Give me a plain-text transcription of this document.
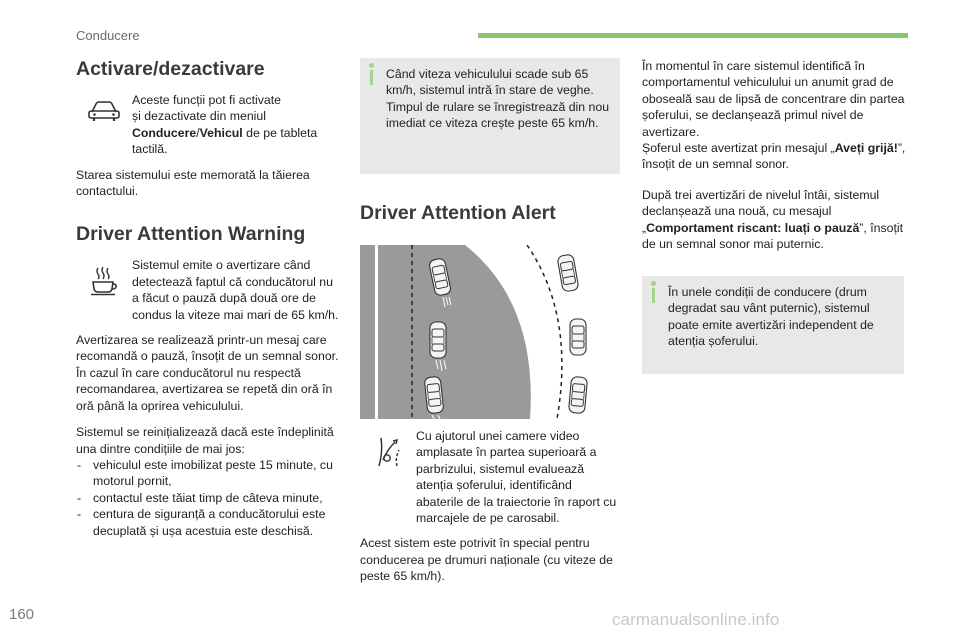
Conducere
Activare/dezactivare

Aceste funcții pot fi activate

și dezactivate din meniul

Conducere/Vehicul de pe tableta

tactilă.

Starea sistemului este memorată la tăierea contactului.

Driver Attention Warning
Sistemul emite o avertizare când detectează faptul că conducătorul nu a făcut o pauză după două ore de condus la viteze mai mari de 65 km/h.

Avertizarea se realizează printr-un mesaj care recomandă o pauză, însoțit de un semnal sonor.

În cazul în care conducătorul nu respectă recomandarea, avertizarea se repetă din oră în oră până la oprirea vehiculului.

Sistemul se reinițializează dacă este îndeplinită una dintre condițiile de mai jos:

- vehiculul este imobilizat peste 15 minute, cu motorul pornit,
- contactul este tăiat timp de câteva minute,
- centura de siguranță a conducătorului este decuplată și ușa acestuia este deschisă.
Când viteza vehiculului scade sub 65 km/h, sistemul intră în stare de veghe. Timpul de rulare se înregistrează din nou imediat ce viteza crește peste 65 km/h.
Driver Attention Alert
Cu ajutorul unei camere video amplasate în partea superioară a parbrizului, sistemul evaluează atenția șoferului, identificând abaterile de la traiectorie în raport cu marcajele de pe carosabil.

Acest sistem este potrivit în special pentru conducerea pe drumuri naționale (cu viteze de peste 65 km/h).

În momentul în care sistemul identifică în comportamentul vehiculului un anumit grad de oboseală sau de lipsă de concentrare din partea șoferului, se declanșează primul nivel de avertizare.

Șoferul este avertizat prin mesajul „Aveți grijă!”, însoțit de un semnal sonor.

După trei avertizări de nivelul întâi, sistemul declanșează una nouă, cu mesajul „Comportament riscant: luați o pauză”, însoțit de un semnal sonor mai puternic.

În unele condiții de conducere (drum degradat sau vânt puternic), sistemul poate emite avertizări independent de atenția șoferului.
160	carmanualsonline.info
